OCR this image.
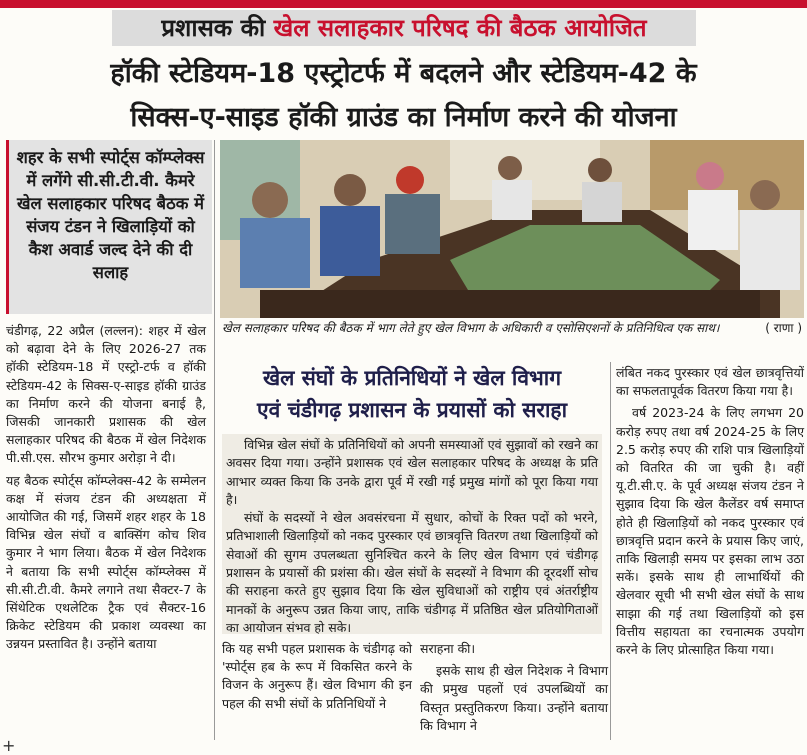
प्रशासक की खेल सलाहकार परिषद की बैठक आयोजित
हॉकी स्टेडियम-18 एस्ट्रोटर्फ में बदलने और स्टेडियम-42 के
सिक्स-ए-साइड हॉकी ग्राउंड का निर्माण करने की योजना
शहर के सभी स्पोर्ट्स कॉम्प्लेक्स में लगेंगे सी.सी.टी.वी. कैमरे खेल सलाहकार परिषद बैठक में संजय टंडन ने खिलाड़ियों को कैश अवार्ड जल्द देने की दी सलाह
खेल सलाहकार परिषद की बैठक में भाग लेते हुए खेल विभाग के अधिकारी व एसोसिएशनों के प्रतिनिधित्व एक साथ।	( राणा )

चंडीगढ़, 22 अप्रैल (लल्लन): शहर में खेल को बढ़ावा देने के लिए 2026-27 तक हॉकी स्टेडियम-18 में एस्ट्रो-टर्फ व हॉकी स्टेडियम-42 के सिक्स-ए-साइड हॉकी ग्राउंड का निर्माण करने की योजना बनाई है, जिसकी जानकारी प्रशासक की खेल सलाहकार परिषद की बैठक में खेल निदेशक पी.सी.एस. सौरभ कुमार अरोड़ा ने दी।

यह बैठक स्पोर्ट्स कॉम्प्लेक्स-42 के सम्मेलन कक्ष में संजय टंडन की अध्यक्षता में आयोजित की गई, जिसमें शहर शहर के 18 विभिन्न खेल संघों व बाक्सिंग कोच शिव कुमार ने भाग लिया। बैठक में खेल निदेशक ने बताया कि सभी स्पोर्ट्स कॉम्प्लेक्स में सी.सी.टी.वी. कैमरे लगाने तथा सैक्टर-7 के सिंथेटिक एथलेटिक ट्रैक एवं सैक्टर-16 क्रिकेट स्टेडियम की प्रकाश व्यवस्था का उन्नयन प्रस्तावित है। उन्होंने बताया

खेल संघों के प्रतिनिधियों ने खेल विभाग
एवं चंडीगढ़ प्रशासन के प्रयासों को सराहा

विभिन्न खेल संघों के प्रतिनिधियों को अपनी समस्याओं एवं सुझावों को रखने का अवसर दिया गया। उन्होंने प्रशासक एवं खेल सलाहकार परिषद के अध्यक्ष के प्रति आभार व्यक्त किया कि उनके द्वारा पूर्व में रखी गई प्रमुख मांगों को पूरा किया गया है।

संघों के सदस्यों ने खेल अवसंरचना में सुधार, कोचों के रिक्त पदों को भरने, प्रतिभाशाली खिलाड़ियों को नकद पुरस्कार एवं छात्रवृत्ति वितरण तथा खिलाड़ियों को सेवाओं की सुगम उपलब्धता सुनिश्चित करने के लिए खेल विभाग एवं चंडीगढ़ प्रशासन के प्रयासों की प्रशंसा की। खेल संघों के सदस्यों ने विभाग की दूरदर्शी सोच की सराहना करते हुए सुझाव दिया कि खेल सुविधाओं को राष्ट्रीय एवं अंतर्राष्ट्रीय मानकों के अनुरूप उन्नत किया जाए, ताकि चंडीगढ़ में प्रतिष्ठित खेल प्रतियोगिताओं का आयोजन संभव हो सके।

लंबित नकद पुरस्कार एवं खेल छात्रवृत्तियों का सफलतापूर्वक वितरण किया गया है।

वर्ष 2023-24 के लिए लगभग 20 करोड़ रुपए तथा वर्ष 2024-25 के लिए 2.5 करोड़ रुपए की राशि पात्र खिलाड़ियों को वितरित की जा चुकी है। वहीं यू.टी.सी.ए. के पूर्व अध्यक्ष संजय टंडन ने सुझाव दिया कि खेल कैलेंडर वर्ष समाप्त होते ही खिलाड़ियों को नकद पुरस्कार एवं छात्रवृत्ति प्रदान करने के प्रयास किए जाएं, ताकि खिलाड़ी समय पर इसका लाभ उठा सकें। इसके साथ ही लाभार्थियों की खेलवार सूची भी सभी खेल संघों के साथ साझा की गई तथा खिलाड़ियों को इस वित्तीय सहायता का रचनात्मक उपयोग करने के लिए प्रोत्साहित किया गया।

कि यह सभी पहल प्रशासक के चंडीगढ़ को 'स्पोर्ट्स हब के रूप में विकसित करने के विजन के अनुरूप हैं। खेल विभाग की इन पहल की सभी संघों के प्रतिनिधियों ने

सराहना की।

इसके साथ ही खेल निदेशक ने विभाग की प्रमुख पहलों एवं उपलब्धियों का विस्तृत प्रस्तुतिकरण किया। उन्होंने बताया कि विभाग ने

+
